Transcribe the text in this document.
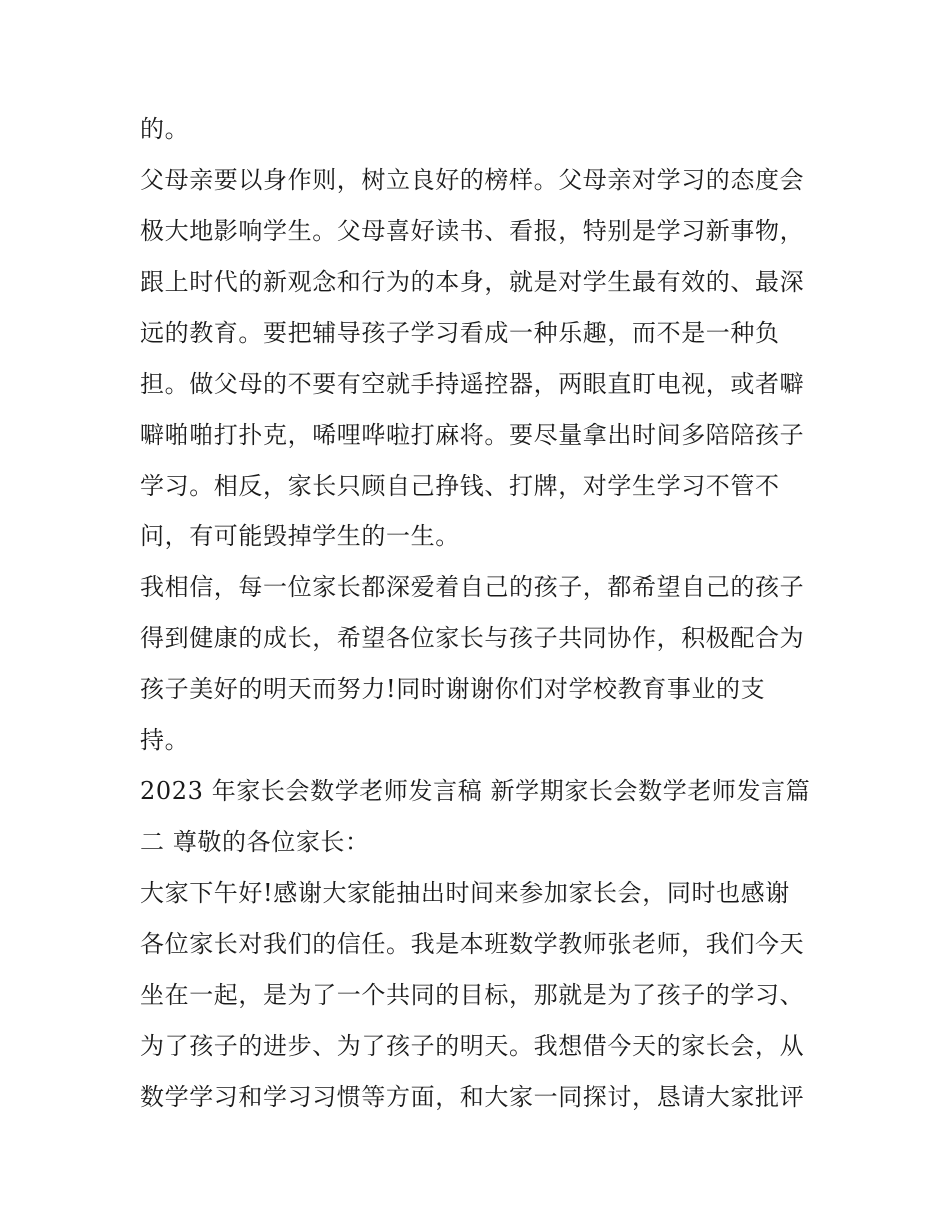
的。
父母亲要以身作则，树立良好的榜样。父母亲对学习的态度会
极大地影响学生。父母喜好读书、看报，特别是学习新事物，
跟上时代的新观念和行为的本身，就是对学生最有效的、最深
远的教育。要把辅导孩子学习看成一种乐趣，而不是一种负
担。做父母的不要有空就手持遥控器，两眼直盯电视，或者噼
噼啪啪打扑克，唏哩哗啦打麻将。要尽量拿出时间多陪陪孩子
学习。相反，家长只顾自己挣钱、打牌，对学生学习不管不
问，有可能毁掉学生的一生。
我相信，每一位家长都深爱着自己的孩子，都希望自己的孩子
得到健康的成长，希望各位家长与孩子共同协作，积极配合为
孩子美好的明天而努力!同时谢谢你们对学校教育事业的支
持。
2023 年家长会数学老师发言稿 新学期家长会数学老师发言篇
二 尊敬的各位家长：
大家下午好!感谢大家能抽出时间来参加家长会，同时也感谢
各位家长对我们的信任。我是本班数学教师张老师，我们今天
坐在一起，是为了一个共同的目标，那就是为了孩子的学习、
为了孩子的进步、为了孩子的明天。我想借今天的家长会，从
数学学习和学习习惯等方面，和大家一同探讨，恳请大家批评
